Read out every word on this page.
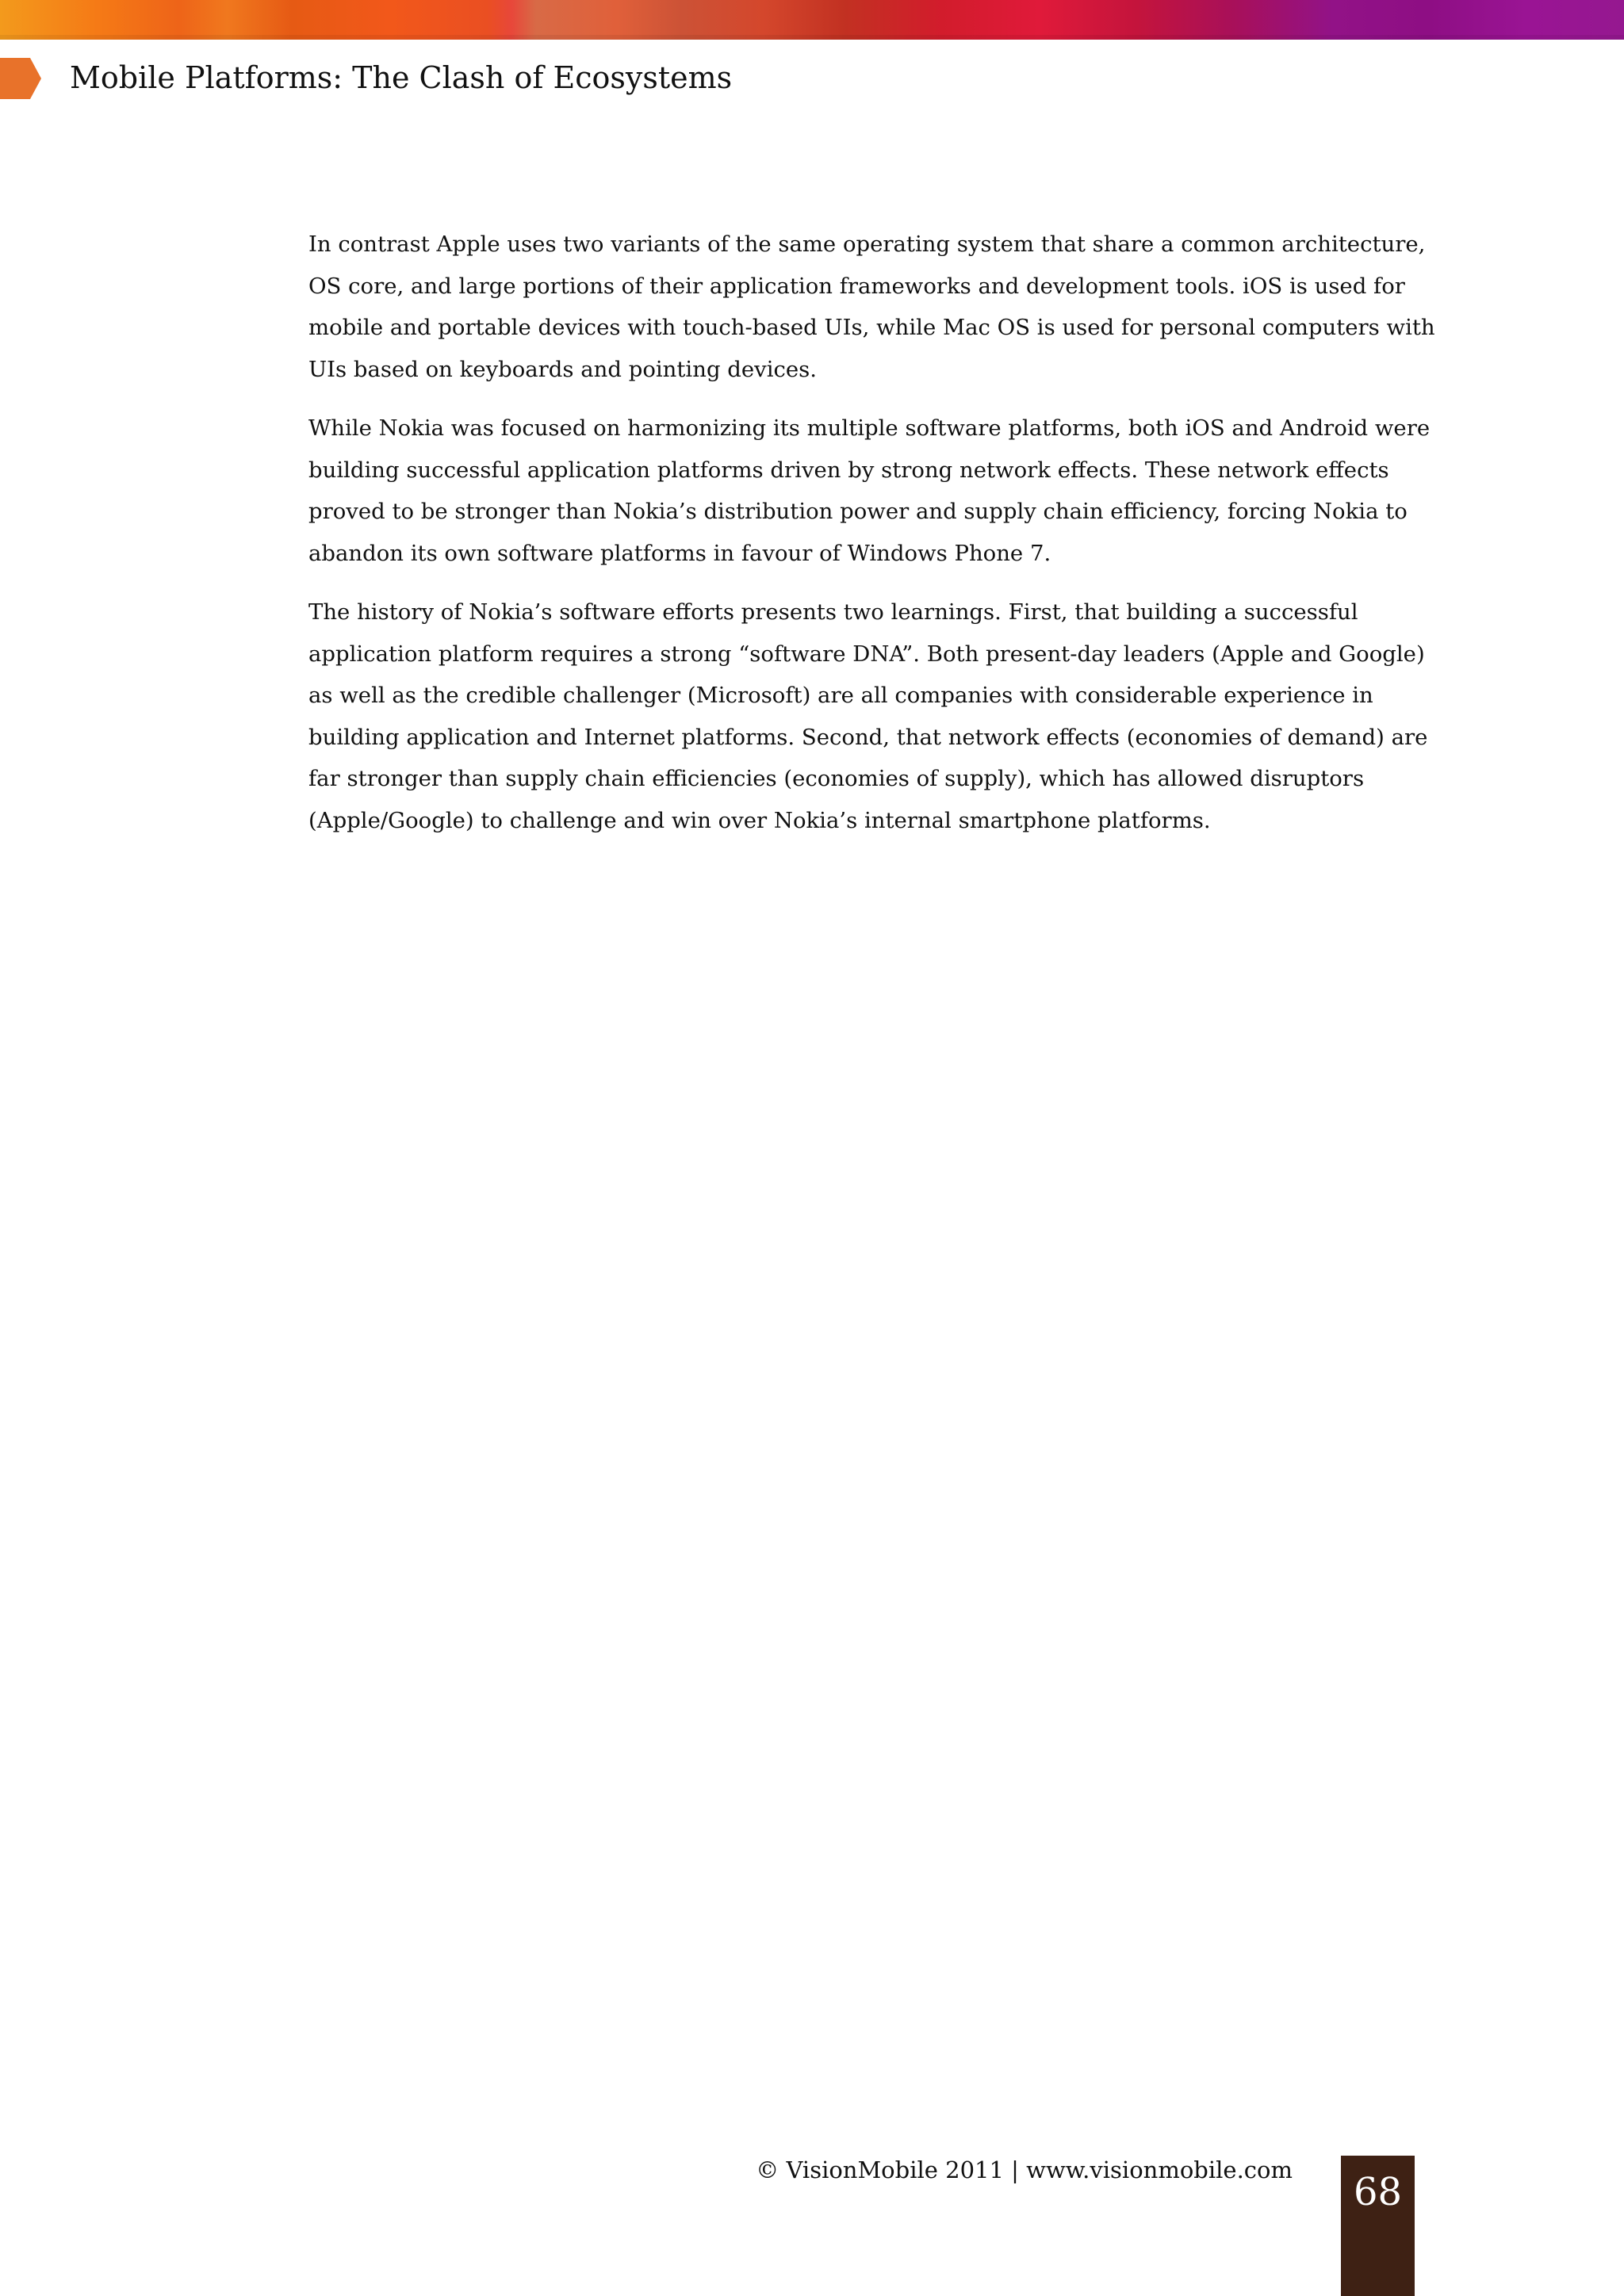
Mobile Platforms: The Clash of Ecosystems

In contrast Apple uses two variants of the same operating system that share a common architecture, OS core, and large portions of their application frameworks and development tools. iOS is used for mobile and portable devices with touch-based UIs, while Mac OS is used for personal computers with UIs based on keyboards and pointing devices.

While Nokia was focused on harmonizing its multiple software platforms, both iOS and Android were building successful application platforms driven by strong network effects. These network effects proved to be stronger than Nokia’s distribution power and supply chain efficiency, forcing Nokia to abandon its own software platforms in favour of Windows Phone 7.

The history of Nokia’s software efforts presents two learnings. First, that building a successful application platform requires a strong “software DNA”. Both present-day leaders (Apple and Google) as well as the credible challenger (Microsoft) are all companies with considerable experience in building application and Internet platforms. Second, that network effects (economies of demand) are far stronger than supply chain efficiencies (economies of supply), which has allowed disruptors (Apple/Google) to challenge and win over Nokia’s internal smartphone platforms.

© VisionMobile 2011 | www.visionmobile.com	68
